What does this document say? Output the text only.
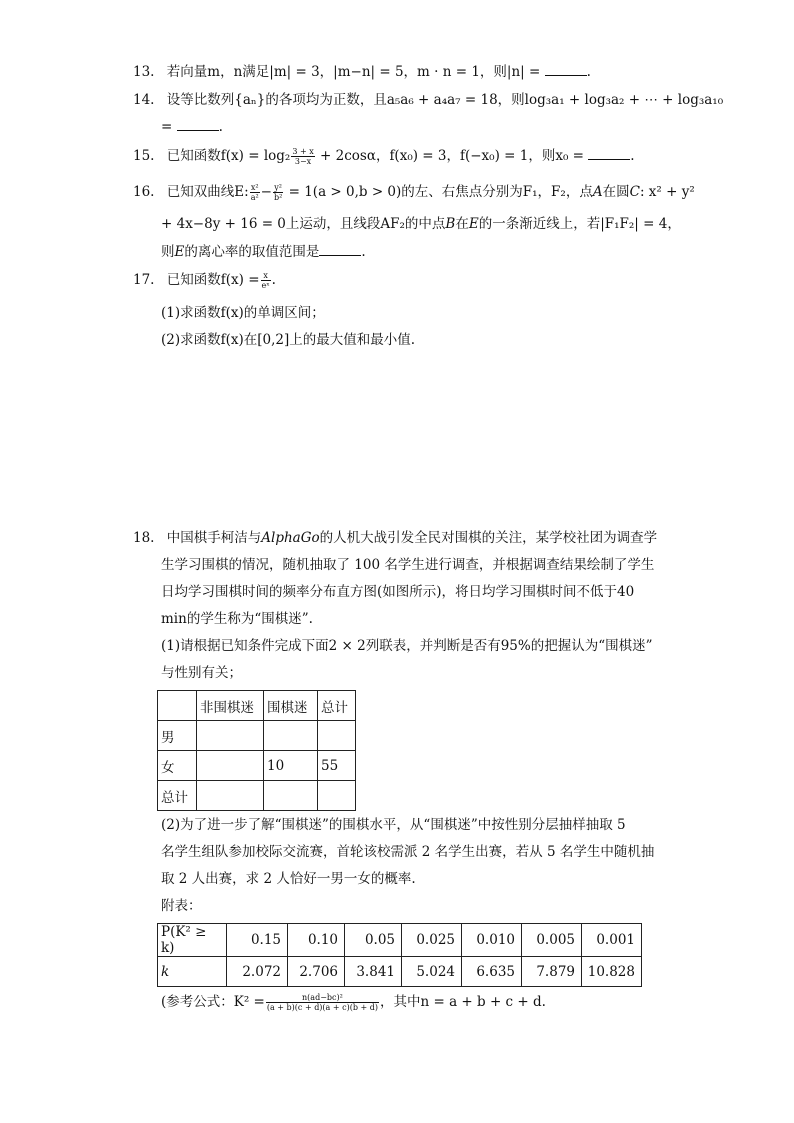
13. 若向量m，n满足|m| = 3，|m−n| = 5，m · n = 1，则|n| =	.
14. 设等比数列{aₙ}的各项均为正数，且a₅a₆ + a₄a₇ = 18，则log₃a₁ + log₃a₂ + ⋯ + log₃a₁₀
=	.
15. 已知函数$f(x) = \log_2 \frac{3 + x}{3-x} + 2\cos\alpha$，f(x₀) = 3，f(−x₀) = 1，则x₀ =	.
16. 已知双曲线E: $\frac{\text{x²}}{\text{a²}} - \frac{\text{y²}}{\text{b²}} = 1(a > 0,b > 0)$的左、右焦点分别为F₁，F₂，点A在圆C: x² + y²
+ 4x−8y + 16 = 0上运动，且线段AF₂的中点B在E的一条渐近线上，若|F₁F₂| = 4，
则E的离心率的取值范围是	.
17. 已知函数$f(x) = \frac{x}{\text{eˣ}}$ .
(1)求函数f(x)的单调区间；
(2)求函数f(x)在[0,2]上的最大值和最小值.
18. 中国棋手柯洁与AlphaGo的人机大战引发全民对围棋的关注，某学校社团为调查学
生学习围棋的情况，随机抽取了 100 名学生进行调查，并根据调查结果绘制了学生
日均学习围棋时间的频率分布直方图(如图所示)，将日均学习围棋时间不低于40
min的学生称为“围棋迷”.
(1)请根据已知条件完成下面2 × 2列联表，并判断是否有95%的把握认为“围棋迷”
与性别有关；
	非围棋迷	围棋迷	总计
男			
女		10	55
总计			
(2)为了进一步了解“围棋迷”的围棋水平，从“围棋迷”中按性别分层抽样抽取 5
名学生组队参加校际交流赛，首轮该校需派 2 名学生出赛，若从 5 名学生中随机抽
取 2 人出赛，求 2 人恰好一男一女的概率.
附表：
P(K² ≥ k)	0.15	0.10	0.05	0.025	0.010	0.005	0.001
k	2.072	2.706	3.841	5.024	6.635	7.879	10.828
(参考公式：$K^2 = \frac{\text{n(ad−bc)²}}{(a + b)(c + d)(a + c)(b + d)}$ ，其中n = a + b + c + d.
